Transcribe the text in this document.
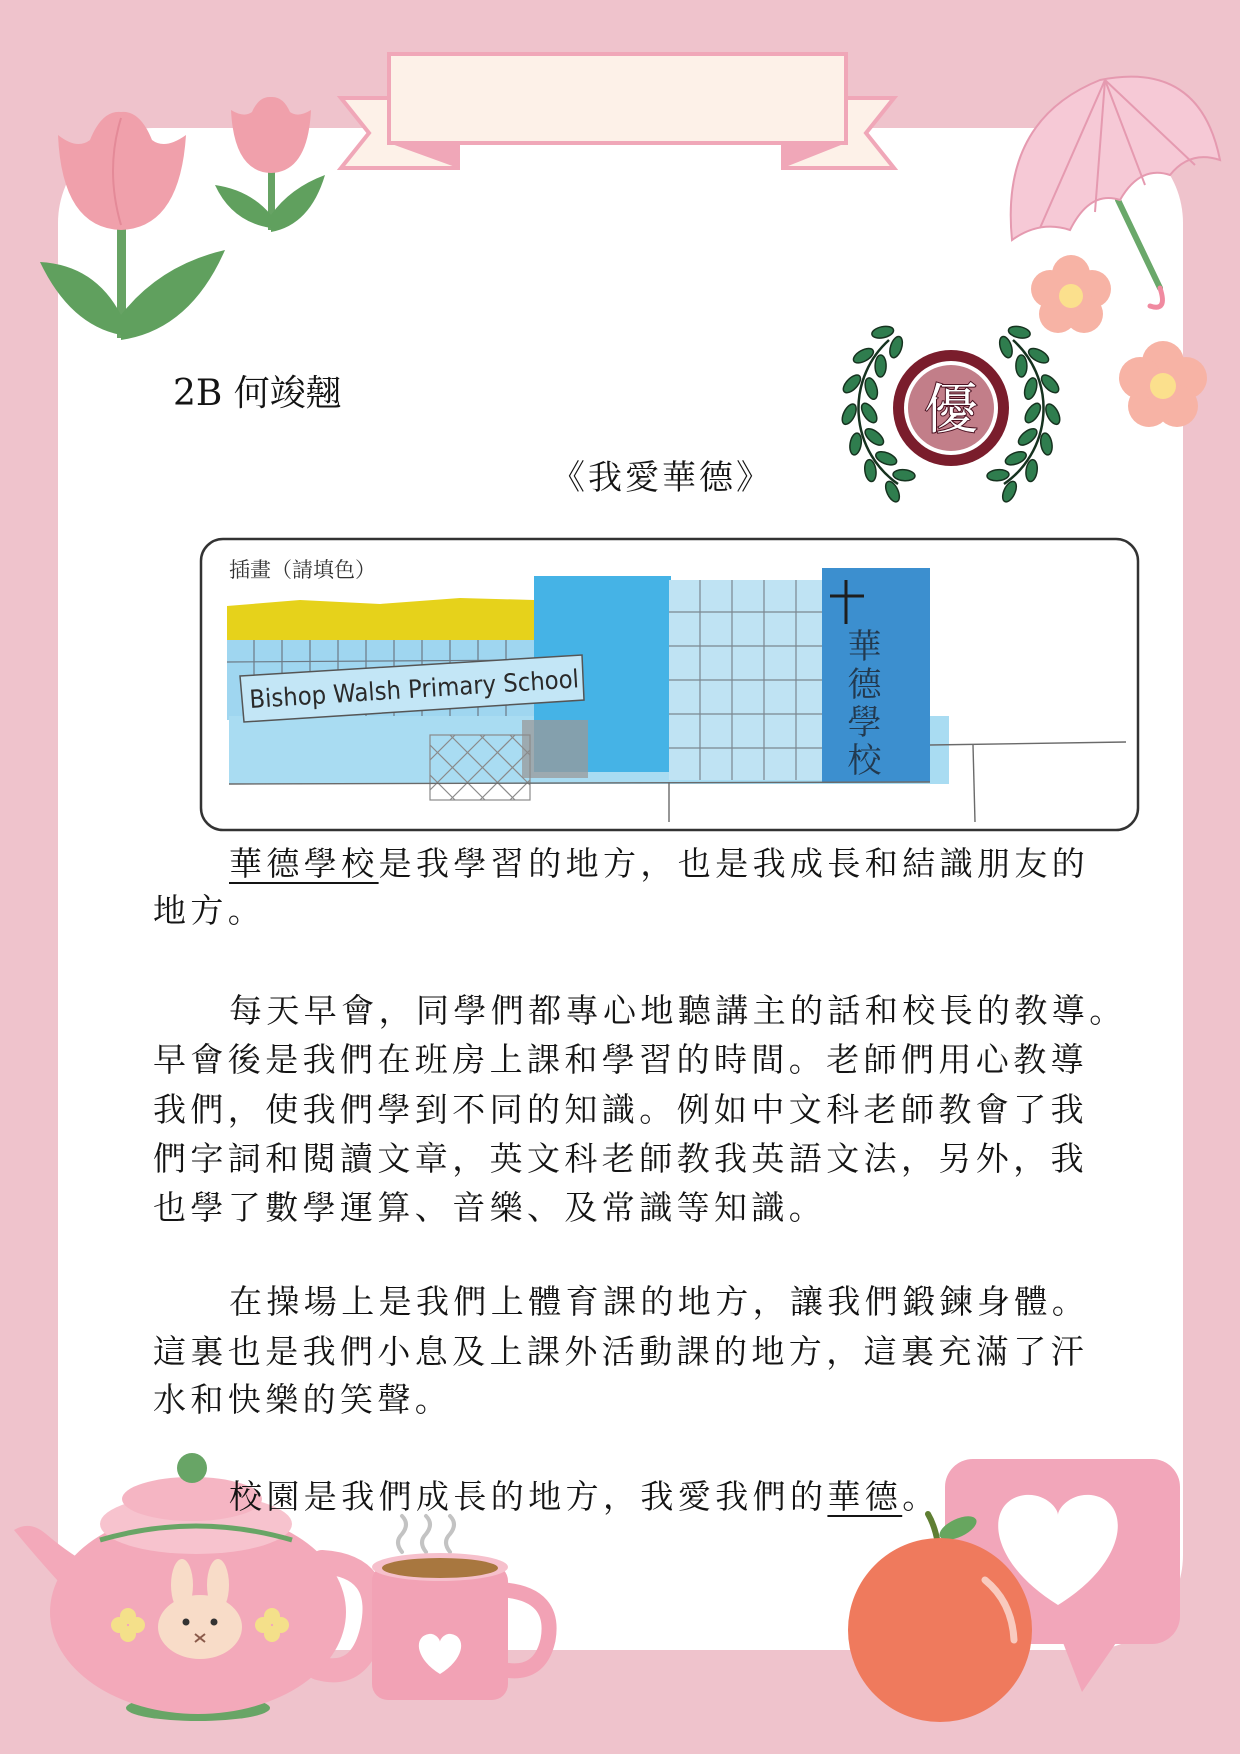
優
插畫（請填色）
Bishop Walsh Primary School
2B 何竣翹
《我愛華德》
華德學校
華德學校是我學習的地方，也是我成長和結識朋友的
地方。
每天早會，同學們都專心地聽講主的話和校長的教導。
早會後是我們在班房上課和學習的時間。老師們用心教導
我們，使我們學到不同的知識。例如中文科老師教會了我
們字詞和閱讀文章，英文科老師教我英語文法，另外，我
也學了數學運算、音樂、及常識等知識。
在操場上是我們上體育課的地方，讓我們鍛鍊身體。
這裏也是我們小息及上課外活動課的地方，這裏充滿了汗
水和快樂的笑聲。
校園是我們成長的地方，我愛我們的華德。
